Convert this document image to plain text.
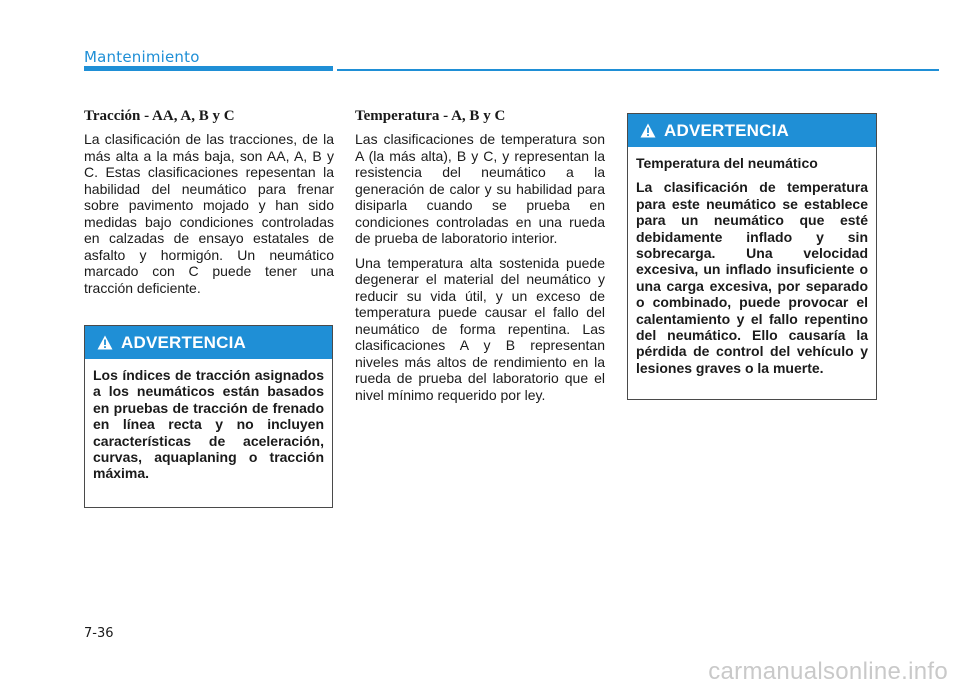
Mantenimiento
Tracción - AA, A, B y C

La clasificación de las tracciones, de la más alta a la más baja, son AA, A, B y C. Estas clasificaciones repesentan la habilidad del neumático para frenar sobre pavimento mojado y han sido medidas bajo condiciones controladas en calzadas de ensayo estatales de asfalto y hormigón. Un neumático marcado con C puede tener una tracción deficiente.

ADVERTENCIA

Los índices de tracción asignados a los neumáticos están basados en pruebas de tracción de frenado en línea recta y no incluyen características de aceleración, curvas, aquaplaning o tracción máxima.

Temperatura - A, B y C

Las clasificaciones de temperatura son A (la más alta), B y C, y representan la resistencia del neumático a la generación de calor y su habilidad para disiparla cuando se prueba en condiciones controladas en una rueda de prueba de laboratorio interior.

Una temperatura alta sostenida puede degenerar el material del neumático y reducir su vida útil, y un exceso de temperatura puede causar el fallo del neumático de forma repentina. Las clasificaciones A y B representan niveles más altos de rendimiento en la rueda de prueba del laboratorio que el nivel mínimo requerido por ley.

ADVERTENCIA

Temperatura del neumático

La clasificación de temperatura para este neumático se establece para un neumático que esté debidamente inflado y sin sobrecarga. Una velocidad excesiva, un inflado insuficiente o una carga excesiva, por separado o combinado, puede provocar el calentamiento y el fallo repentino del neumático. Ello causaría la pérdida de control del vehículo y lesiones graves o la muerte.

7-36
carmanualsonline.info
